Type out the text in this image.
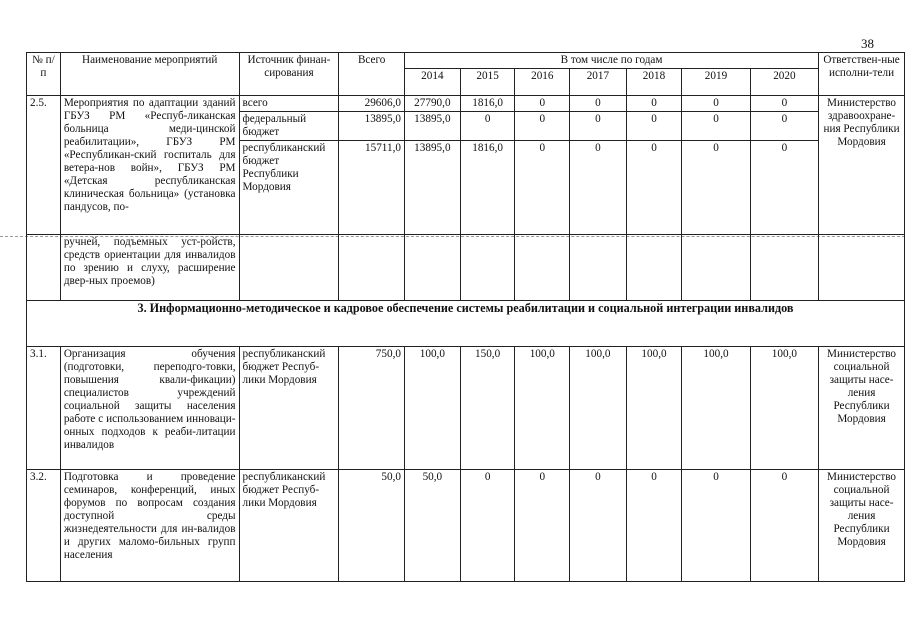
38
№ п/п	Наименование мероприятий	Источник финан-сирования	Всего	В том числе по годам							Ответствен-ные исполни-тели
				2014	2015	2016	2017	2018	2019	2020	
2.5.	Мероприятия по адаптации зданий ГБУЗ РМ «Респуб-ликанская больница меди-цинской реабилитации», ГБУЗ РМ «Республикан-ский госпиталь для ветера-нов войн», ГБУЗ РМ «Детская республиканская клиническая больница» (установка пандусов, по-	всего	29606,0	27790,0	1816,0	0	0	0	0	0	Министерство здравоохране-ния Республики Мордовия
		федеральный бюджет	13895,0	13895,0	0	0	0	0	0	0	
		республиканский бюджет Республики Мордовия	15711,0	13895,0	1816,0	0	0	0	0	0	
	ручней, подъемных уст-ройств, средств ориентации для инвалидов по зрению и слуху, расширение двер-ных проемов)										
3. Информационно-методическое и кадровое обеспечение системы реабилитации и социальной интеграции инвалидов											
3.1.	Организация обучения (подготовки, переподго-товки, повышения квали-фикации) специалистов учреждений социальной защиты населения работе с использованием инноваци-онных подходов к реаби-литации инвалидов	республиканский бюджет Респуб-лики Мордовия	750,0	100,0	150,0	100,0	100,0	100,0	100,0	100,0	Министерство социальной защиты насе-ления Республики Мордовия
3.2.	Подготовка и проведение семинаров, конференций, иных форумов по вопросам создания доступной среды жизнедеятельности для ин-валидов и других маломо-бильных групп населения	республиканский бюджет Респуб-лики Мордовия	50,0	50,0	0	0	0	0	0	0	Министерство социальной защиты насе-ления Республики Мордовия
